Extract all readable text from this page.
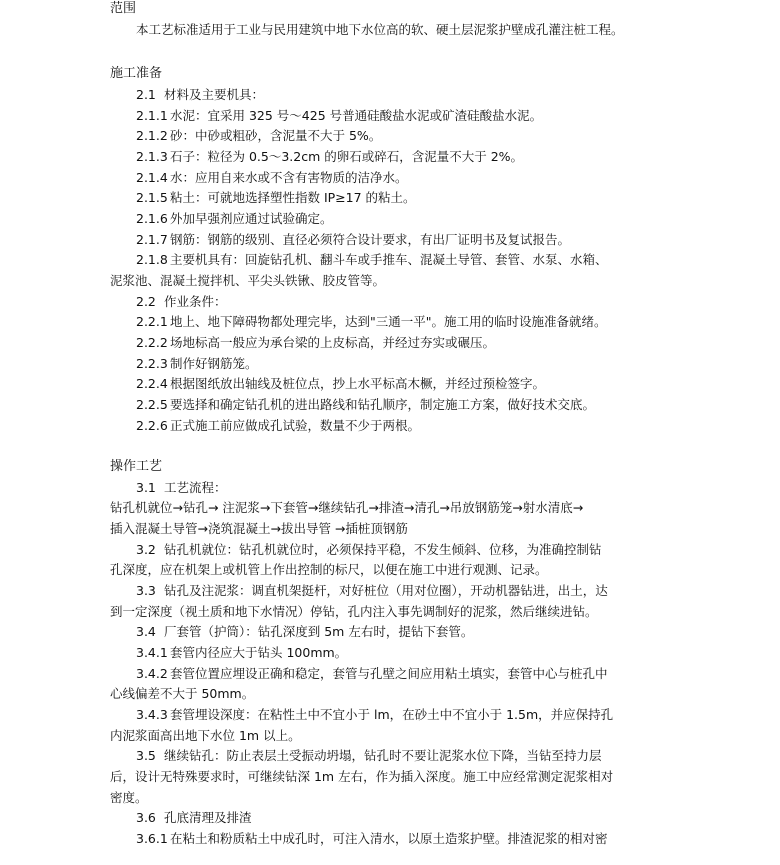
范围
本工艺标准适用于工业与民用建筑中地下水位高的软、硬土层泥浆护壁成孔灌注桩工程。
施工准备
2.1 材料及主要机具：
2.1.1 水泥：宜采用 325 号～425 号普通硅酸盐水泥或矿渣硅酸盐水泥。
2.1.2 砂：中砂或粗砂，含泥量不大于 5%。
2.1.3 石子：粒径为 0.5～3.2cm 的卵石或碎石，含泥量不大于 2%。
2.1.4 水：应用自来水或不含有害物质的洁净水。
2.1.5 粘土：可就地选择塑性指数 IP≥17 的粘土。
2.1.6 外加早强剂应通过试验确定。
2.1.7 钢筋：钢筋的级别、直径必须符合设计要求，有出厂证明书及复试报告。
2.1.8 主要机具有：回旋钻孔机、翻斗车或手推车、混凝土导管、套管、水泵、水箱、
泥浆池、混凝土搅拌机、平尖头铁锹、胶皮管等。
2.2 作业条件：
2.2.1 地上、地下障碍物都处理完毕，达到"三通一平"。施工用的临时设施准备就绪。
2.2.2 场地标高一般应为承台梁的上皮标高，并经过夯实或碾压。
2.2.3 制作好钢筋笼。
2.2.4 根据图纸放出轴线及桩位点，抄上水平标高木橛，并经过预检签字。
2.2.5 要选择和确定钻孔机的进出路线和钻孔顺序，制定施工方案，做好技术交底。
2.2.6 正式施工前应做成孔试验，数量不少于两根。
操作工艺
3.1 工艺流程：
钻孔机就位→钻孔→ 注泥浆→下套管→继续钻孔→排渣→清孔→吊放钢筋笼→射水清底→
插入混凝土导管→浇筑混凝土→拔出导管 →插桩顶钢筋
3.2 钻孔机就位：钻孔机就位时，必须保持平稳，不发生倾斜、位移，为准确控制钻
孔深度，应在机架上或机管上作出控制的标尺，以便在施工中进行观测、记录。
3.3 钻孔及注泥浆：调直机架挺杆，对好桩位（用对位圈），开动机器钻进，出土，达
到一定深度（视土质和地下水情况）停钻，孔内注入事先调制好的泥浆，然后继续进钻。
3.4 厂套管（护筒）：钻孔深度到 5m 左右时，提钻下套管。
3.4.1 套管内径应大于钻头 100mm。
3.4.2 套管位置应埋设正确和稳定，套管与孔壁之间应用粘土填实，套管中心与桩孔中
心线偏差不大于 50mm。
3.4.3 套管埋设深度：在粘性土中不宜小于 lm，在砂土中不宜小于 1.5m，并应保持孔
内泥浆面高出地下水位 1m 以上。
3.5 继续钻孔：防止表层土受振动坍塌，钻孔时不要让泥浆水位下降，当钻至持力层
后，设计无特殊要求时，可继续钻深 1m 左右，作为插入深度。施工中应经常测定泥浆相对
密度。
3.6 孔底清理及排渣
3.6.1 在粘土和粉质粘土中成孔时，可注入清水，以原土造浆护壁。排渣泥浆的相对密
